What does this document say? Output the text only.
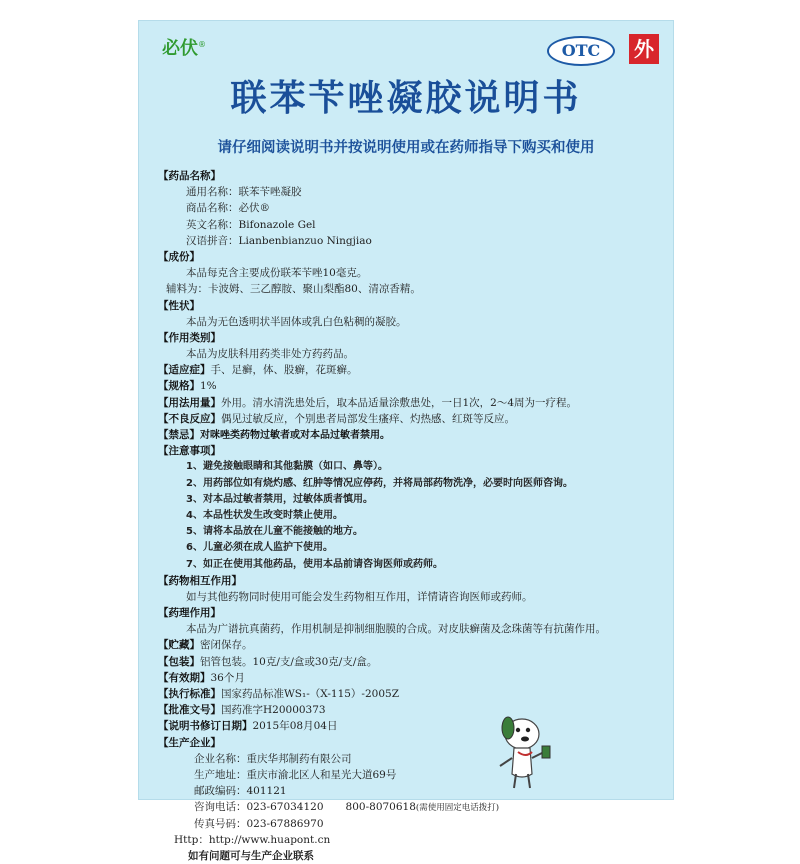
必伏®	OTC	外
联苯苄唑凝胶说明书
请仔细阅读说明书并按说明使用或在药师指导下购买和使用
【药品名称】
通用名称：联苯苄唑凝胶
商品名称：必伏®
英文名称：Bifonazole Gel
汉语拼音：Lianbenbianzuo Ningjiao
【成份】
本品每克含主要成份联苯苄唑10毫克。
辅料为：卡波姆、三乙醇胺、聚山梨酯80、清凉香精。
【性状】
本品为无色透明状半固体或乳白色粘稠的凝胶。
【作用类别】
本品为皮肤科用药类非处方药药品。
【适应症】手、足癣，体、股癣，花斑癣。
【规格】1%
【用法用量】外用。清水清洗患处后，取本品适量涂敷患处，一日1次，2～4周为一疗程。
【不良反应】偶见过敏反应，个别患者局部发生瘙痒、灼热感、红斑等反应。
【禁忌】对咪唑类药物过敏者或对本品过敏者禁用。
【注意事项】
1、避免接触眼睛和其他黏膜（如口、鼻等）。
2、用药部位如有烧灼感、红肿等情况应停药，并将局部药物洗净，必要时向医师咨询。
3、对本品过敏者禁用，过敏体质者慎用。
4、本品性状发生改变时禁止使用。
5、请将本品放在儿童不能接触的地方。
6、儿童必须在成人监护下使用。
7、如正在使用其他药品，使用本品前请咨询医师或药师。
【药物相互作用】
如与其他药物同时使用可能会发生药物相互作用，详情请咨询医师或药师。
【药理作用】
本品为广谱抗真菌药，作用机制是抑制细胞膜的合成。对皮肤癣菌及念珠菌等有抗菌作用。
【贮藏】密闭保存。
【包装】铝管包装。10克/支/盒或30克/支/盒。
【有效期】36个月
【执行标准】国家药品标准WS₁-（X-115）-2005Z
【批准文号】国药准字H20000373
【说明书修订日期】2015年08月04日
【生产企业】
企业名称：重庆华邦制药有限公司
生产地址：重庆市渝北区人和星光大道69号
邮政编码：401121
咨询电话：023-67034120 800-8070618(需使用固定电话拨打)
传真号码：023-67886970
Http：http://www.huapont.cn
如有问题可与生产企业联系
